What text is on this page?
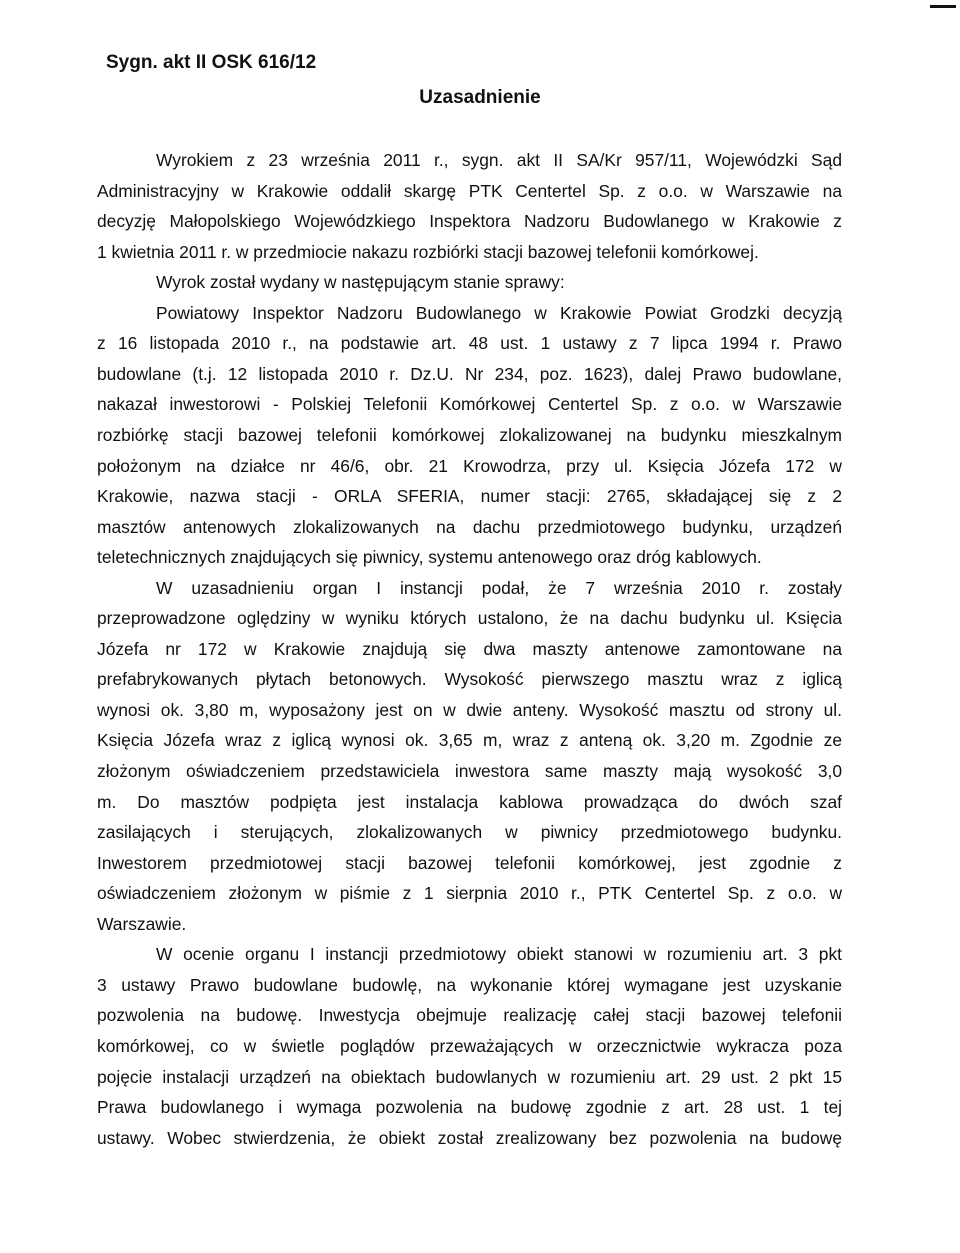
Sygn. akt II OSK 616/12
Uzasadnienie
Wyrokiem z 23 września 2011 r., sygn. akt II SA/Kr 957/11, Wojewódzki Sąd
Administracyjny w Krakowie oddalił skargę PTK Centertel Sp. z o.o. w Warszawie na
decyzję Małopolskiego Wojewódzkiego Inspektora Nadzoru Budowlanego w Krakowie z
1 kwietnia 2011 r. w przedmiocie nakazu rozbiórki stacji bazowej telefonii komórkowej.
Wyrok został wydany w następującym stanie sprawy:
Powiatowy Inspektor Nadzoru Budowlanego w Krakowie Powiat Grodzki decyzją
z 16 listopada 2010 r., na podstawie art. 48 ust. 1 ustawy z 7 lipca 1994 r. Prawo
budowlane (t.j. 12 listopada 2010 r. Dz.U. Nr 234, poz. 1623), dalej Prawo budowlane,
nakazał inwestorowi - Polskiej Telefonii Komórkowej Centertel Sp. z o.o. w Warszawie
rozbiórkę stacji bazowej telefonii komórkowej zlokalizowanej na budynku mieszkalnym
położonym na działce nr 46/6, obr. 21 Krowodrza, przy ul. Księcia Józefa 172 w
Krakowie, nazwa stacji - ORLA SFERIA, numer stacji: 2765, składającej się z 2
masztów antenowych zlokalizowanych na dachu przedmiotowego budynku, urządzeń
teletechnicznych znajdujących się piwnicy, systemu antenowego oraz dróg kablowych.
W uzasadnieniu organ I instancji podał, że 7 września 2010 r. zostały
przeprowadzone oględziny w wyniku których ustalono, że na dachu budynku ul. Księcia
Józefa nr 172 w Krakowie znajdują się dwa maszty antenowe zamontowane na
prefabrykowanych płytach betonowych. Wysokość pierwszego masztu wraz z iglicą
wynosi ok. 3,80 m, wyposażony jest on w dwie anteny. Wysokość masztu od strony ul.
Księcia Józefa wraz z iglicą wynosi ok. 3,65 m, wraz z anteną ok. 3,20 m. Zgodnie ze
złożonym oświadczeniem przedstawiciela inwestora same maszty mają wysokość 3,0
m. Do masztów podpięta jest instalacja kablowa prowadząca do dwóch szaf
zasilających i sterujących, zlokalizowanych w piwnicy przedmiotowego budynku.
Inwestorem przedmiotowej stacji bazowej telefonii komórkowej, jest zgodnie z
oświadczeniem złożonym w piśmie z 1 sierpnia 2010 r., PTK Centertel Sp. z o.o. w
Warszawie.
W ocenie organu I instancji przedmiotowy obiekt stanowi w rozumieniu art. 3 pkt
3 ustawy Prawo budowlane budowlę, na wykonanie której wymagane jest uzyskanie
pozwolenia na budowę. Inwestycja obejmuje realizację całej stacji bazowej telefonii
komórkowej, co w świetle poglądów przeważających w orzecznictwie wykracza poza
pojęcie instalacji urządzeń na obiektach budowlanych w rozumieniu art. 29 ust. 2 pkt 15
Prawa budowlanego i wymaga pozwolenia na budowę zgodnie z art. 28 ust. 1 tej
ustawy. Wobec stwierdzenia, że obiekt został zrealizowany bez pozwolenia na budowę
